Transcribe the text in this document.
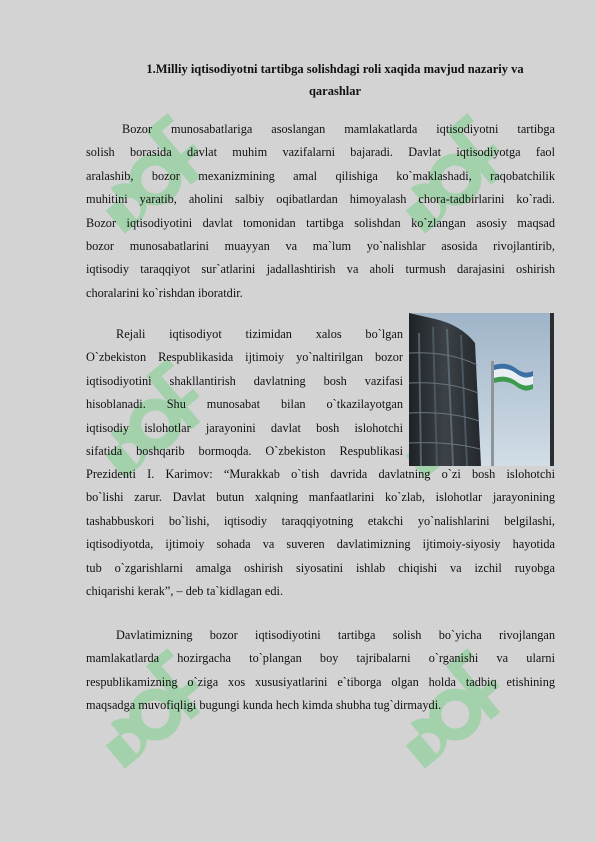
1.Milliy iqtisodiyotni tartibga solishdagi roli xaqida mavjud nazariy va
qarashlar
Bozor munosabatlariga asoslangan mamlakatlarda iqtisodiyotni tartibga
solish borasida davlat muhim vazifalarni bajaradi. Davlat iqtisodiyotga faol
aralashib, bozor mexanizmining amal qilishiga ko`maklashadi, raqobatchilik
muhitini yaratib, aholini salbiy oqibatlardan himoyalash chora-tadbirlarini ko`radi.
Bozor iqtisodiyotini davlat tomonidan tartibga solishdan ko`zlangan asosiy maqsad
bozor munosabatlarini muayyan va ma`lum yo`nalishlar asosida rivojlantirib,
iqtisodiy taraqqiyot sur`atlarini jadallashtirish va aholi turmush darajasini oshirish
choralarini ko`rishdan iboratdir.
Rejali iqtisodiyot tizimidan xalos bo`lgan
O`zbekiston Respublikasida ijtimoiy yo`naltirilgan bozor
iqtisodiyotini shakllantirish davlatning bosh vazifasi
hisoblanadi. Shu munosabat bilan o`tkazilayotgan
iqtisodiy islohotlar jarayonini davlat bosh islohotchi
sifatida boshqarib bormoqda. O`zbekiston Respublikasi
Prezidenti I. Karimov: “Murakkab o`tish davrida davlatning o`zi bosh islohotchi
bo`lishi zarur. Davlat butun xalqning manfaatlarini ko`zlab, islohotlar jarayonining
tashabbuskori bo`lishi, iqtisodiy taraqqiyotning etakchi yo`nalishlarini belgilashi,
iqtisodiyotda, ijtimoiy sohada va suveren davlatimizning ijtimoiy-siyosiy hayotida
tub o`zgarishlarni amalga oshirish siyosatini ishlab chiqishi va izchil ruyobga
chiqarishi kerak”, – deb ta`kidlagan edi.
Davlatimizning bozor iqtisodiyotini tartibga solish bo`yicha rivojlangan
mamlakatlarda hozirgacha to`plangan boy tajribalarni o`rganishi va ularni
respublikamizning o`ziga xos xususiyatlarini e`tiborga olgan holda tadbiq etishining
maqsadga muvofiqligi bugungi kunda hech kimda shubha tug`dirmaydi.
